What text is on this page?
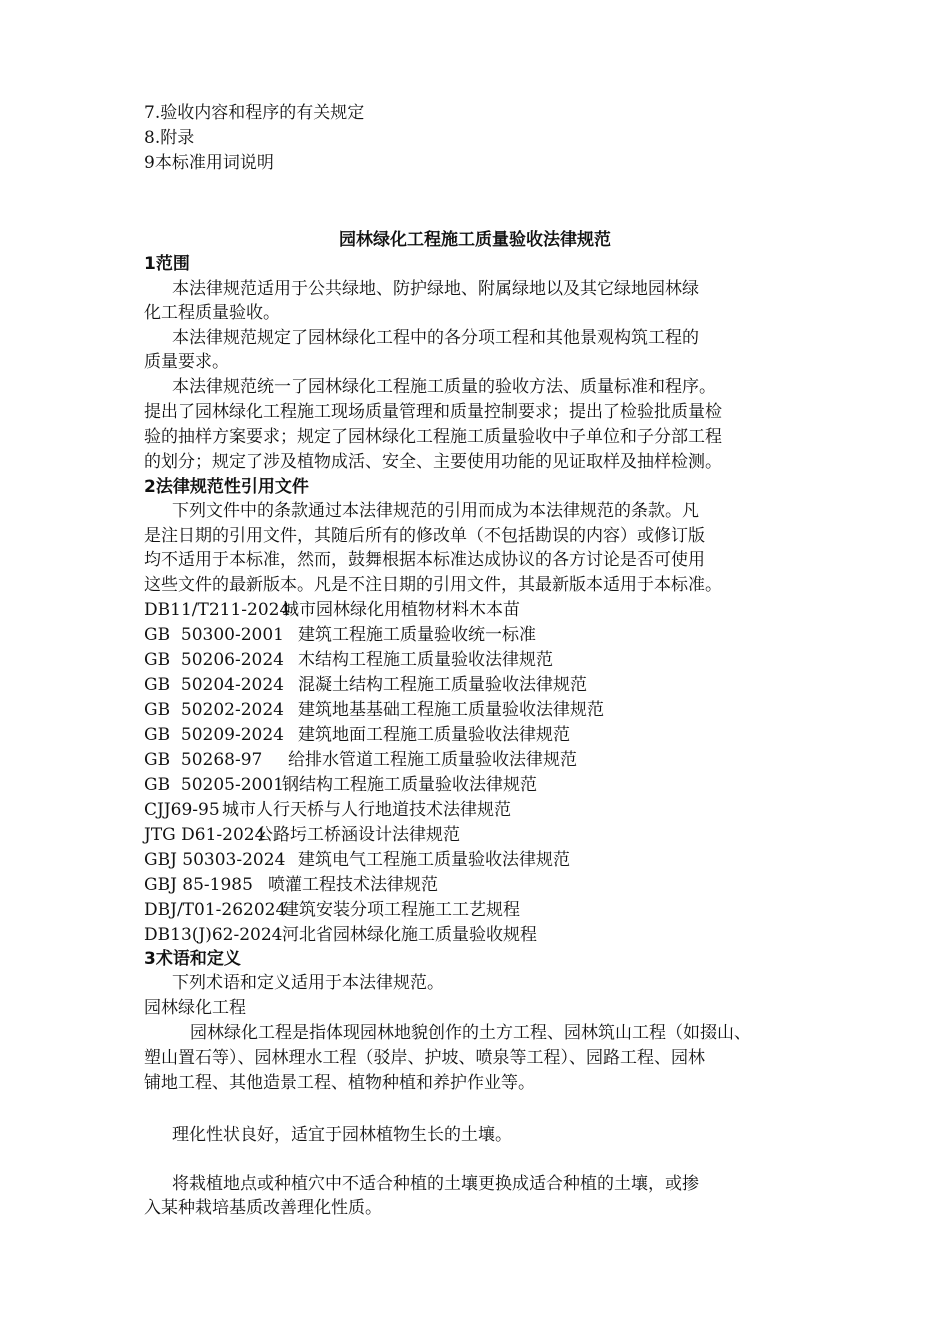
7.验收内容和程序的有关规定
8.附录
9本标准用词说明
园林绿化工程施工质量验收法律规范
1范围
本法律规范适用于公共绿地、防护绿地、附属绿地以及其它绿地园林绿
化工程质量验收。
本法律规范规定了园林绿化工程中的各分项工程和其他景观构筑工程的
质量要求。
本法律规范统一了园林绿化工程施工质量的验收方法、质量标准和程序。
提出了园林绿化工程施工现场质量管理和质量控制要求；提出了检验批质量检
验的抽样方案要求；规定了园林绿化工程施工质量验收中子单位和子分部工程
的划分；规定了涉及植物成活、安全、主要使用功能的见证取样及抽样检测。
2法律规范性引用文件
下列文件中的条款通过本法律规范的引用而成为本法律规范的条款。凡
是注日期的引用文件，其随后所有的修改单（不包括勘误的内容）或修订版
均不适用于本标准，然而，鼓舞根据本标准达成协议的各方讨论是否可使用
这些文件的最新版本。凡是不注日期的引用文件，其最新版本适用于本标准。
DB11/T211-2024城市园林绿化用植物材料木本苗
GB  50300-2001 建筑工程施工质量验收统一标准
GB  50206-2024 木结构工程施工质量验收法律规范
GB  50204-2024 混凝土结构工程施工质量验收法律规范
GB  50202-2024 建筑地基基础工程施工质量验收法律规范
GB  50209-2024 建筑地面工程施工质量验收法律规范
GB  50268-97 给排水管道工程施工质量验收法律规范
GB  50205-2001钢结构工程施工质量验收法律规范
CJJ69-95 城市人行天桥与人行地道技术法律规范
JTG D61-2024公路圬工桥涵设计法律规范
GBJ 50303-2024 建筑电气工程施工质量验收法律规范
GBJ 85-1985 喷灌工程技术法律规范
DBJ/T01-262024建筑安装分项工程施工工艺规程
DB13(J)62-2024河北省园林绿化施工质量验收规程
3术语和定义
下列术语和定义适用于本法律规范。
园林绿化工程
园林绿化工程是指体现园林地貌创作的土方工程、园林筑山工程（如掇山、
塑山置石等）、园林理水工程（驳岸、护坡、喷泉等工程）、园路工程、园林
铺地工程、其他造景工程、植物种植和养护作业等。
理化性状良好，适宜于园林植物生长的土壤。
将栽植地点或种植穴中不适合种植的土壤更换成适合种植的土壤，或掺
入某种栽培基质改善理化性质。
